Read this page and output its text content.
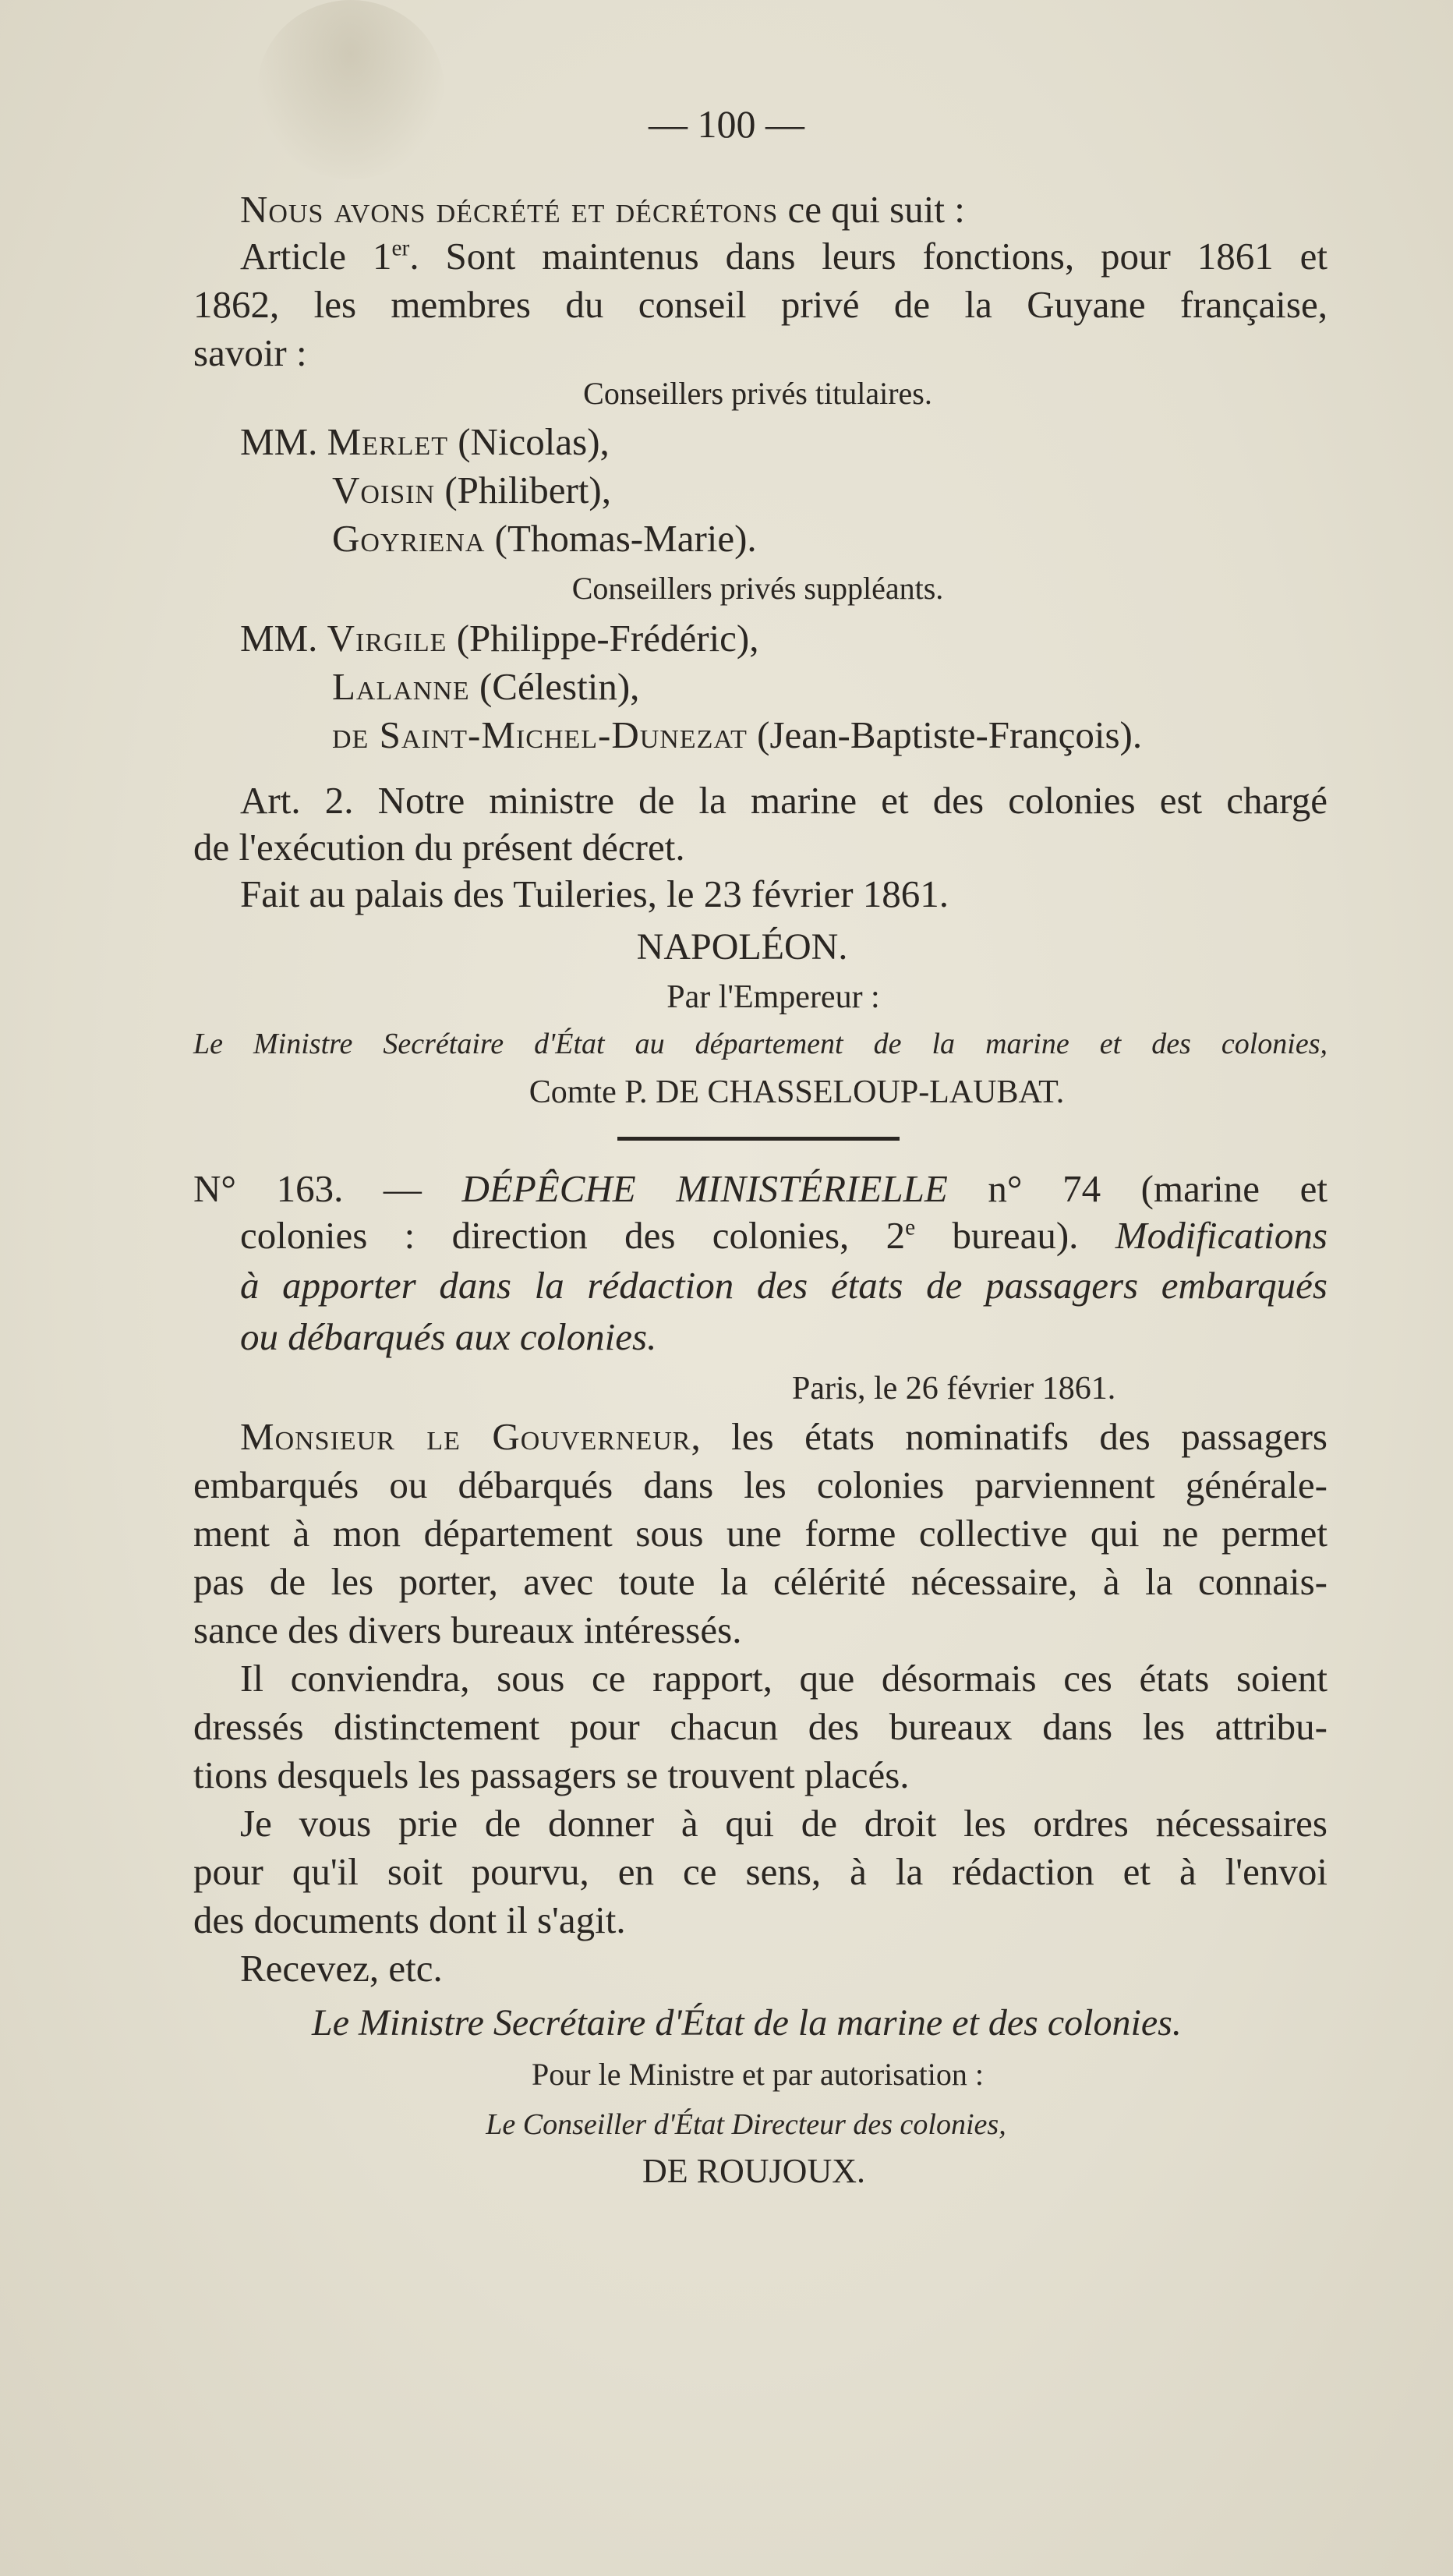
— 100 —
Nous avons décrété et décrétons ce qui suit :
Article 1er. Sont maintenus dans leurs fonctions, pour 1861 et
1862, les membres du conseil privé de la Guyane française,
savoir :
Conseillers privés titulaires.
MM. Merlet (Nicolas),
Voisin (Philibert),
Goyriena (Thomas-Marie).
Conseillers privés suppléants.
MM. Virgile (Philippe-Frédéric),
Lalanne (Célestin),
de Saint-Michel-Dunezat (Jean-Baptiste-François).
Art. 2. Notre ministre de la marine et des colonies est chargé
de l'exécution du présent décret.
Fait au palais des Tuileries, le 23 février 1861.
NAPOLÉON.
Par l'Empereur :
Le Ministre Secrétaire d'État au département de la marine et des colonies,
Comte P. DE CHASSELOUP-LAUBAT.
N° 163. — DÉPÊCHE MINISTÉRIELLE n° 74 (marine et
colonies : direction des colonies, 2e bureau). Modifications
à apporter dans la rédaction des états de passagers embarqués
ou débarqués aux colonies.
Paris, le 26 février 1861.
Monsieur le Gouverneur, les états nominatifs des passagers
embarqués ou débarqués dans les colonies parviennent générale-
ment à mon département sous une forme collective qui ne permet
pas de les porter, avec toute la célérité nécessaire, à la connais-
sance des divers bureaux intéressés.
Il conviendra, sous ce rapport, que désormais ces états soient
dressés distinctement pour chacun des bureaux dans les attribu-
tions desquels les passagers se trouvent placés.
Je vous prie de donner à qui de droit les ordres nécessaires
pour qu'il soit pourvu, en ce sens, à la rédaction et à l'envoi
des documents dont il s'agit.
Recevez, etc.
Le Ministre Secrétaire d'État de la marine et des colonies.
Pour le Ministre et par autorisation :
Le Conseiller d'État Directeur des colonies,
DE ROUJOUX.
